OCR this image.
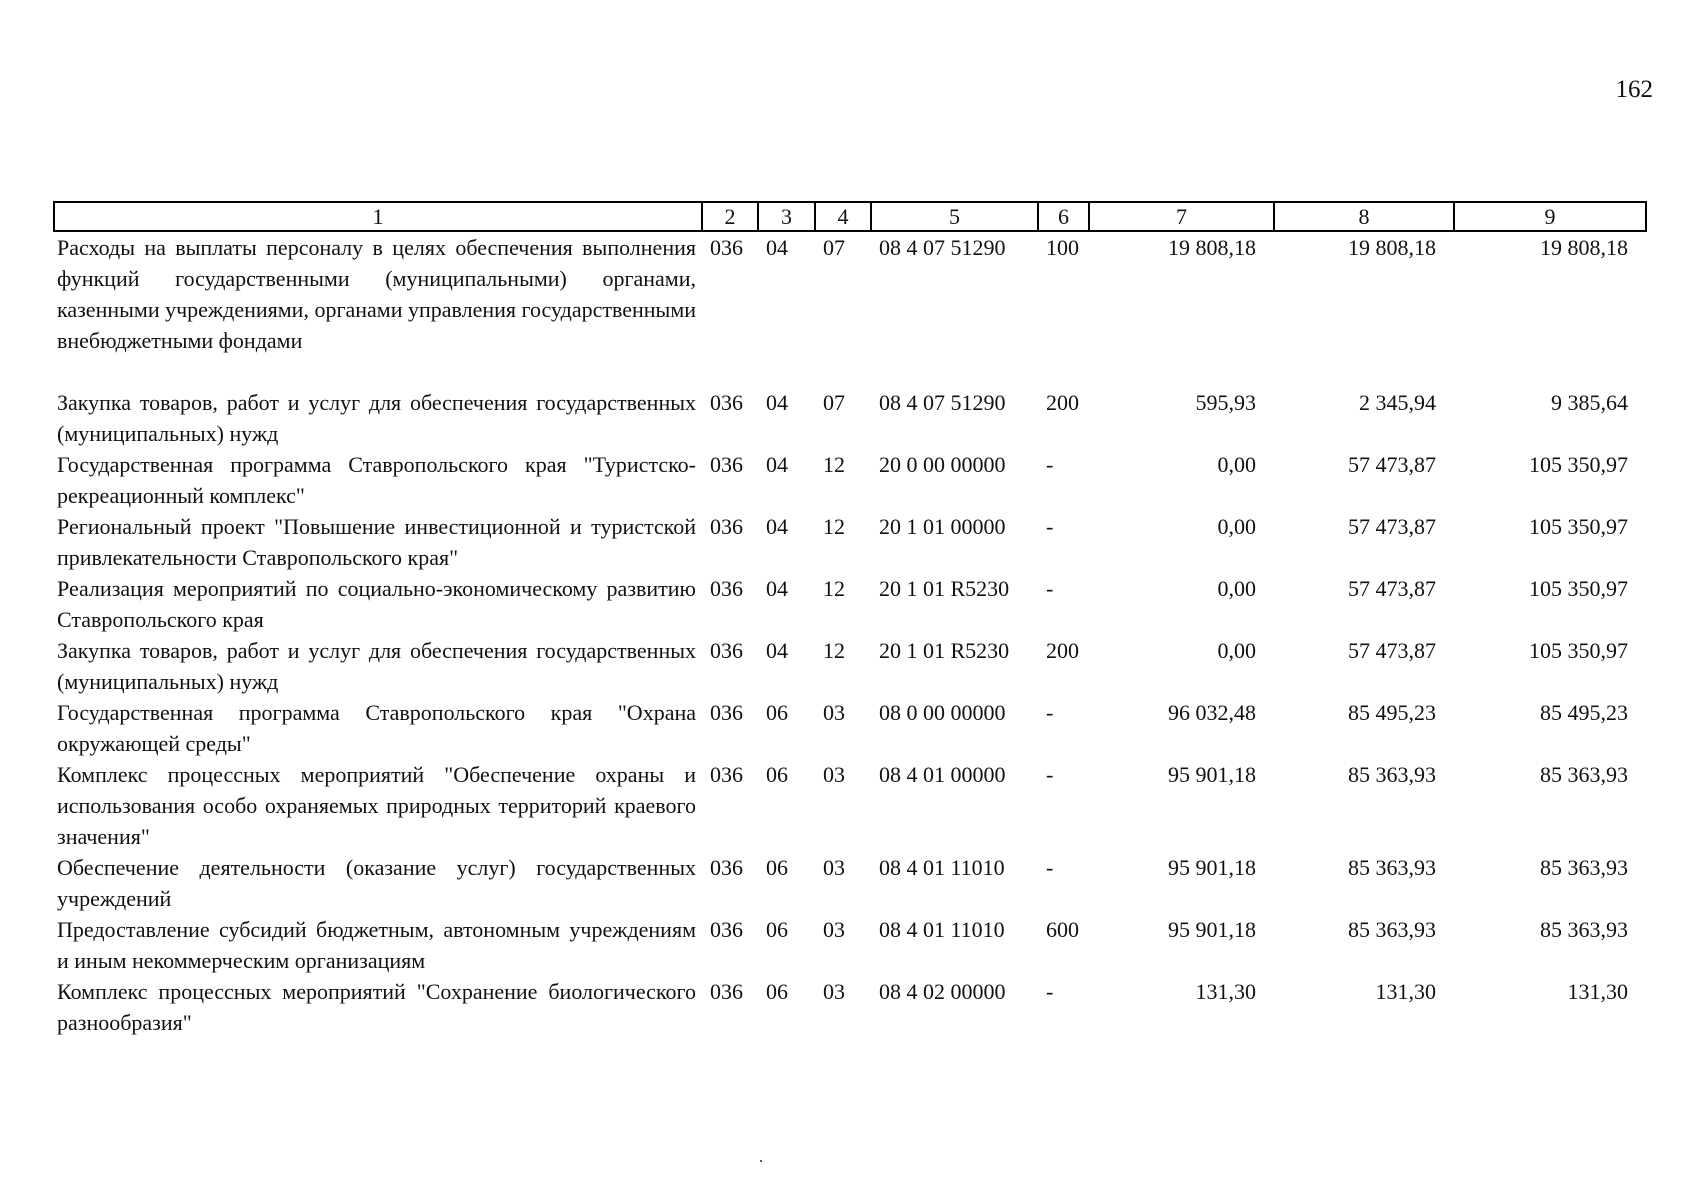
162
1	2	3	4	5	6	7	8	9
Расходы на выплаты персоналу в целях обеспечения выполнения функций государственными (муниципальными) органами, казенными учреждениями, органами управления государственными внебюджетными фондами	036	04	07	08 4 07 51290	100	19 808,18	19 808,18	19 808,18
Закупка товаров, работ и услуг для обеспечения государственных (муниципальных) нужд	036	04	07	08 4 07 51290	200	595,93	2 345,94	9 385,64
Государственная программа Ставропольского края "Туристско-рекреационный комплекс"	036	04	12	20 0 00 00000	-	0,00	57 473,87	105 350,97
Региональный проект "Повышение инвестиционной и туристской привлекательности Ставропольского края"	036	04	12	20 1 01 00000	-	0,00	57 473,87	105 350,97
Реализация мероприятий по социально-экономическому развитию Ставропольского края	036	04	12	20 1 01 R5230	-	0,00	57 473,87	105 350,97
Закупка товаров, работ и услуг для обеспечения государственных (муниципальных) нужд	036	04	12	20 1 01 R5230	200	0,00	57 473,87	105 350,97
Государственная программа Ставропольского края "Охрана окружающей среды"	036	06	03	08 0 00 00000	-	96 032,48	85 495,23	85 495,23
Комплекс процессных мероприятий "Обеспечение охраны и использования особо охраняемых природных территорий краевого значения"	036	06	03	08 4 01 00000	-	95 901,18	85 363,93	85 363,93
Обеспечение деятельности (оказание услуг) государственных учреждений	036	06	03	08 4 01 11010	-	95 901,18	85 363,93	85 363,93
Предоставление субсидий бюджетным, автономным учреждениям и иным некоммерческим организациям	036	06	03	08 4 01 11010	600	95 901,18	85 363,93	85 363,93
Комплекс процессных мероприятий "Сохранение биологического разнообразия"	036	06	03	08 4 02 00000	-	131,30	131,30	131,30
